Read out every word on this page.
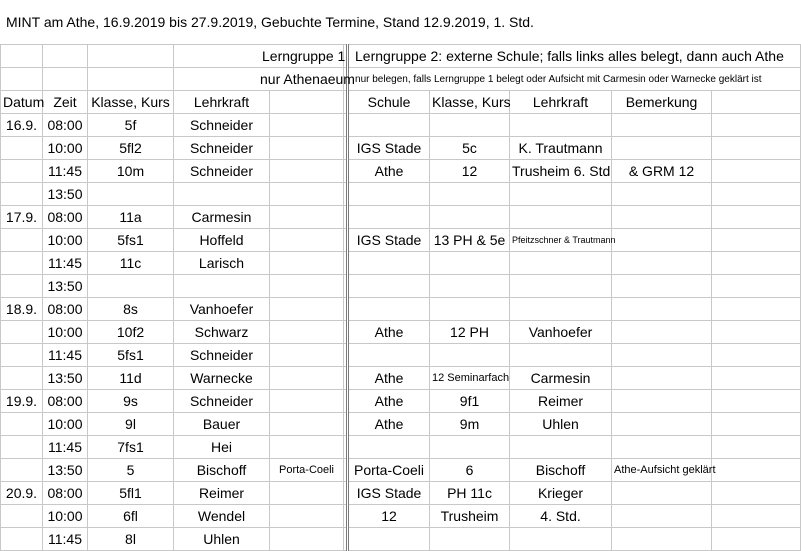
MINT am Athe, 16.9.2019 bis 27.9.2019, Gebuchte Termine, Stand 12.9.2019, 1. Std.
			Lerngruppe 1			Lerngruppe 2: externe Schule; falls links alles belegt, dann auch Athe				
			nur Athenaeum			nur belegen, falls Lerngruppe 1 belegt oder Aufsicht mit Carmesin oder Warnecke geklärt ist				
Datum	Zeit	Klasse, Kurs	Lehrkraft			Schule	Klasse, Kurs	Lehrkraft	Bemerkung	
16.9.	08:00	5f	Schneider							
	10:00	5fl2	Schneider			IGS Stade	5c	K. Trautmann		
	11:45	10m	Schneider			Athe	12	Trusheim 6. Std	& GRM 12	
	13:50									
17.9.	08:00	11a	Carmesin							
	10:00	5fs1	Hoffeld			IGS Stade	13 PH & 5e	Pfeitzschner & Trautmann		
	11:45	11c	Larisch							
	13:50									
18.9.	08:00	8s	Vanhoefer							
	10:00	10f2	Schwarz			Athe	12 PH	Vanhoefer		
	11:45	5fs1	Schneider							
	13:50	11d	Warnecke			Athe	12 Seminarfach	Carmesin		
19.9.	08:00	9s	Schneider			Athe	9f1	Reimer		
	10:00	9l	Bauer			Athe	9m	Uhlen		
	11:45	7fs1	Hei							
	13:50	5	Bischoff	Porta-Coeli		Porta-Coeli	6	Bischoff	Athe-Aufsicht geklärt	
20.9.	08:00	5fl1	Reimer			IGS Stade	PH 11c	Krieger		
	10:00	6fl	Wendel			12	Trusheim	4. Std.		
	11:45	8l	Uhlen							
